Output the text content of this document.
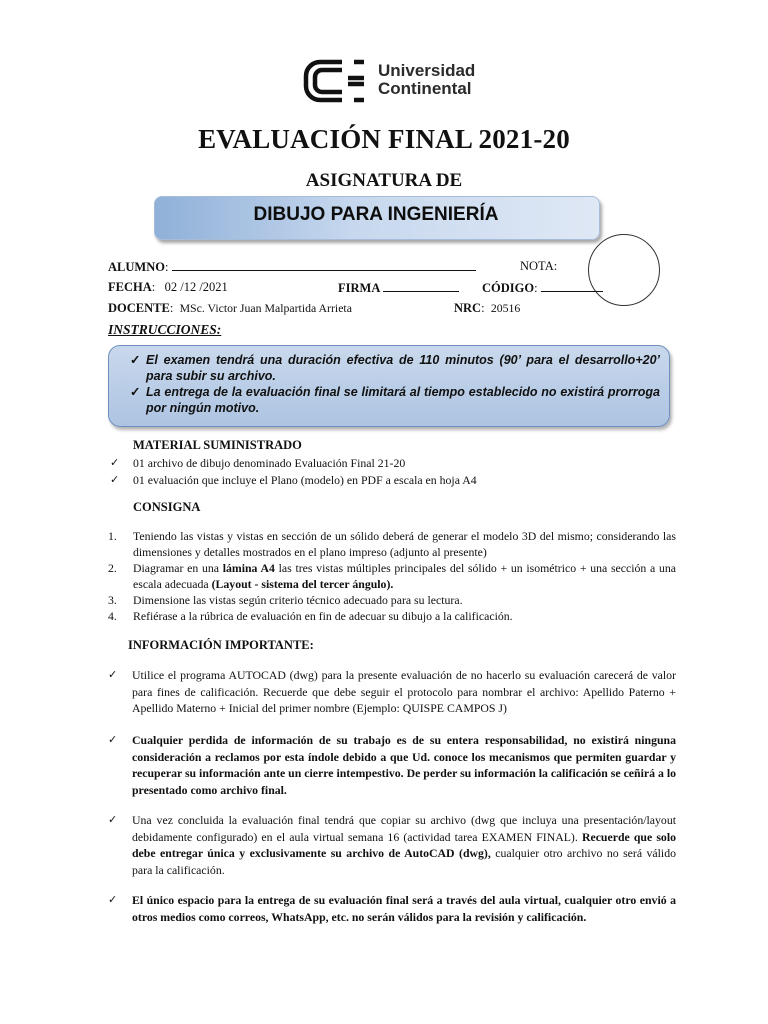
Universidad
Continental
EVALUACIÓN FINAL 2021-20
ASIGNATURA DE
DIBUJO PARA INGENIERÍA
ALUMNO:	NOTA:
FECHA:   02 /12 /2021	FIRMA	CÓDIGO:
DOCENTE:  MSc. Victor Juan Malpartida Arrieta	NRC:  20516
INSTRUCCIONES:
✓ El examen tendrá una duración efectiva de 110 minutos (90’ para el desarrollo+20’ para subir su archivo.
✓ La entrega de la evaluación final se limitará al tiempo establecido no existirá prorroga por ningún motivo.
MATERIAL SUMINISTRADO
✓ 01 archivo de dibujo denominado Evaluación Final 21-20
✓ 01 evaluación que incluye el Plano (modelo) en PDF a escala en hoja A4
CONSIGNA
1. Teniendo las vistas y vistas en sección de un sólido deberá de generar el modelo 3D del mismo; considerando las dimensiones y detalles mostrados en el plano impreso (adjunto al presente)
2. Diagramar en una lámina A4 las tres vistas múltiples principales del sólido + un isométrico + una sección a una escala adecuada (Layout - sistema del tercer ángulo).
3. Dimensione las vistas según criterio técnico adecuado para su lectura.
4. Refiérase a la rúbrica de evaluación en fin de adecuar su dibujo a la calificación.
INFORMACIÓN IMPORTANTE:
✓	Utilice el programa AUTOCAD (dwg) para la presente evaluación de no hacerlo su evaluación carecerá de valor para fines de calificación. Recuerde que debe seguir el protocolo para nombrar el archivo: Apellido Paterno + Apellido Materno + Inicial del primer nombre (Ejemplo: QUISPE CAMPOS J)
✓	Cualquier perdida de información de su trabajo es de su entera responsabilidad, no existirá ninguna consideración a reclamos por esta índole debido a que Ud. conoce los mecanismos que permiten guardar y recuperar su información ante un cierre intempestivo. De perder su información la calificación se ceñirá a lo presentado como archivo final.
✓	Una vez concluida la evaluación final tendrá que copiar su archivo (dwg que incluya una presentación/layout debidamente configurado) en el aula virtual semana 16 (actividad tarea EXAMEN FINAL). Recuerde que solo debe entregar única y exclusivamente su archivo de AutoCAD (dwg), cualquier otro archivo no será válido para la calificación.
✓	El único espacio para la entrega de su evaluación final será a través del aula virtual, cualquier otro envió a otros medios como correos, WhatsApp, etc. no serán válidos para la revisión y calificación.
